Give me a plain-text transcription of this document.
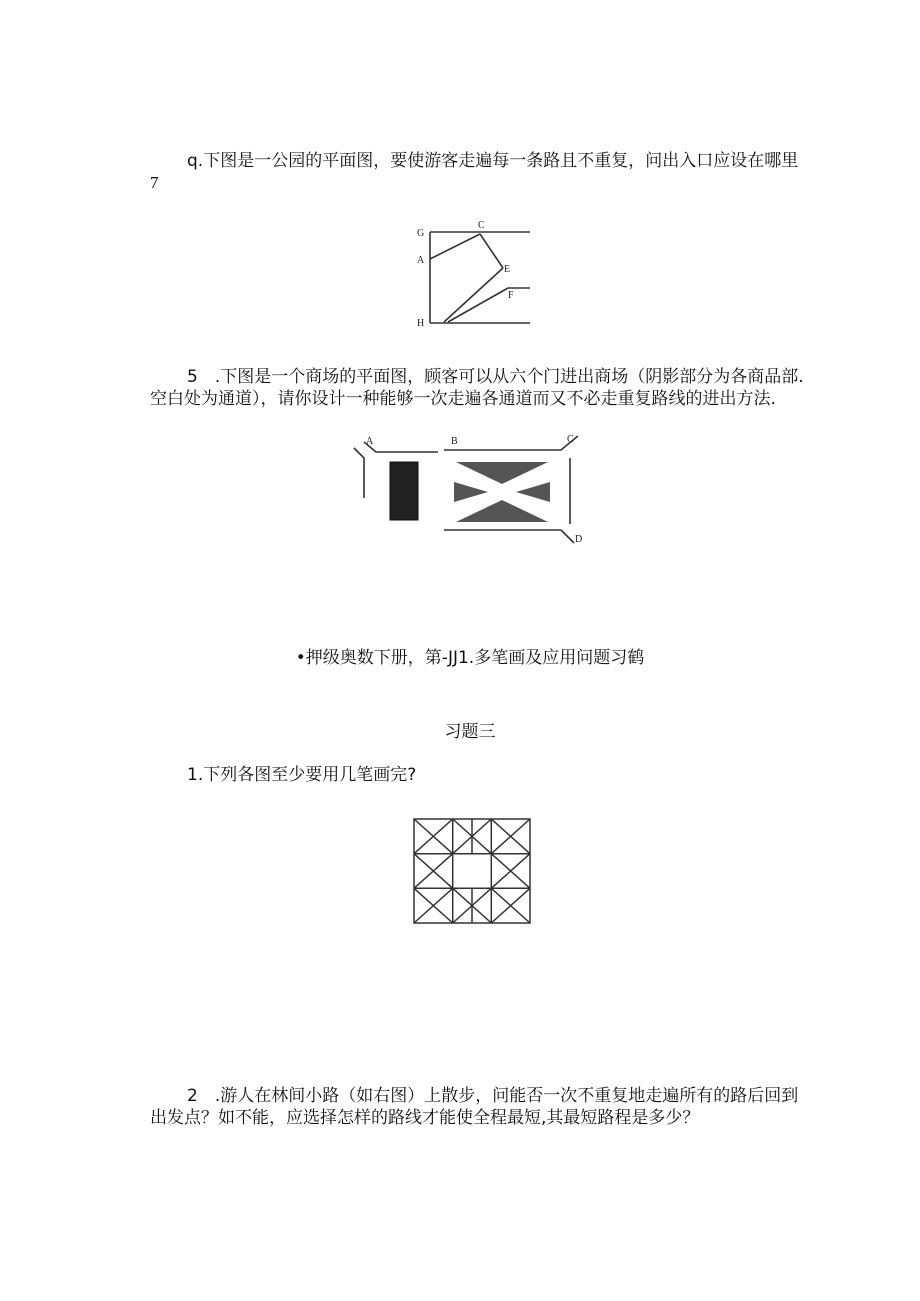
q.下图是一公园的平面图，要使游客走遍每一条路且不重复，问出入口应设在哪里
7
G
C
A
E
F
H
5　.下图是一个商场的平面图，顾客可以从六个门进出商场（阴影部分为各商品部.
空白处为通道），请你设计一种能够一次走遍各通道而又不必走重复路线的进出方法.
A	B	C
D
•押级奥数下册，第-JJ1.多笔画及应用问题习鹤
习题三
1.下列各图至少要用几笔画完?
2　.游人在林间小路（如右图）上散步，问能否一次不重复地走遍所有的路后回到
出发点？如不能，应选择怎样的路线才能使全程最短,其最短路程是多少？
